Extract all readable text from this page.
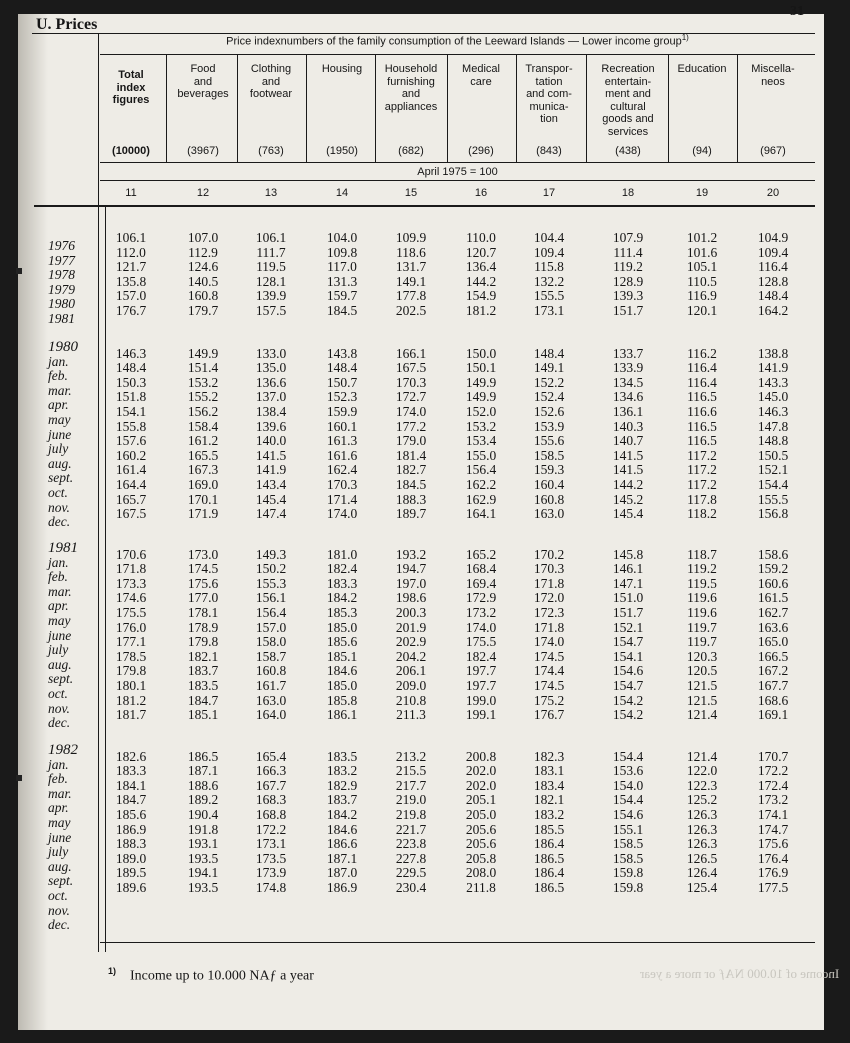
U. Prices
31
Price indexnumbers of the family consumption of the Leeward Islands — Lower income group$^{1)}$
Total
index
figures
(10000)
11
Food
and
beverages
(3967)
12
Clothing
and
footwear
(763)
13
Housing
(1950)
14
Household
furnishing
and
appliances
(682)
15
Medical
care
(296)
16
Transpor-
tation
and com-
munica-
tion
(843)
17
Recreation
entertain-
ment and
cultural
goods and
services
(438)
18
Education
(94)
19
Miscella-
neos
(967)
20
April 1975 = 100
1976
106.1	107.0	106.1	104.0	109.9	110.0	104.4	107.9	101.2	104.9
1977
112.0	112.9	111.7	109.8	118.6	120.7	109.4	111.4	101.6	109.4
1978
121.7	124.6	119.5	117.0	131.7	136.4	115.8	119.2	105.1	116.4
1979
135.8	140.5	128.1	131.3	149.1	144.2	132.2	128.9	110.5	128.8
1980
157.0	160.8	139.9	159.7	177.8	154.9	155.5	139.3	116.9	148.4
1981
176.7	179.7	157.5	184.5	202.5	181.2	173.1	151.7	120.1	164.2
1980
jan.
146.3	149.9	133.0	143.8	166.1	150.0	148.4	133.7	116.2	138.8
feb.
148.4	151.4	135.0	148.4	167.5	150.1	149.1	133.9	116.4	141.9
mar.
150.3	153.2	136.6	150.7	170.3	149.9	152.2	134.5	116.4	143.3
apr.
151.8	155.2	137.0	152.3	172.7	149.9	152.4	134.6	116.5	145.0
may
154.1	156.2	138.4	159.9	174.0	152.0	152.6	136.1	116.6	146.3
june
155.8	158.4	139.6	160.1	177.2	153.2	153.9	140.3	116.5	147.8
july
157.6	161.2	140.0	161.3	179.0	153.4	155.6	140.7	116.5	148.8
aug.
160.2	165.5	141.5	161.6	181.4	155.0	158.5	141.5	117.2	150.5
sept.
161.4	167.3	141.9	162.4	182.7	156.4	159.3	141.5	117.2	152.1
oct.
164.4	169.0	143.4	170.3	184.5	162.2	160.4	144.2	117.2	154.4
nov.
165.7	170.1	145.4	171.4	188.3	162.9	160.8	145.2	117.8	155.5
dec.
167.5	171.9	147.4	174.0	189.7	164.1	163.0	145.4	118.2	156.8
1981
jan.
170.6	173.0	149.3	181.0	193.2	165.2	170.2	145.8	118.7	158.6
feb.
171.8	174.5	150.2	182.4	194.7	168.4	170.3	146.1	119.2	159.2
mar.
173.3	175.6	155.3	183.3	197.0	169.4	171.8	147.1	119.5	160.6
apr.
174.6	177.0	156.1	184.2	198.6	172.9	172.0	151.0	119.6	161.5
may
175.5	178.1	156.4	185.3	200.3	173.2	172.3	151.7	119.6	162.7
june
176.0	178.9	157.0	185.0	201.9	174.0	171.8	152.1	119.7	163.6
july
177.1	179.8	158.0	185.6	202.9	175.5	174.0	154.7	119.7	165.0
aug.
178.5	182.1	158.7	185.1	204.2	182.4	174.5	154.1	120.3	166.5
sept.
179.8	183.7	160.8	184.6	206.1	197.7	174.4	154.6	120.5	167.2
oct.
180.1	183.5	161.7	185.0	209.0	197.7	174.5	154.7	121.5	167.7
nov.
181.2	184.7	163.0	185.8	210.8	199.0	175.2	154.2	121.5	168.6
dec.
181.7	185.1	164.0	186.1	211.3	199.1	176.7	154.2	121.4	169.1
1982
jan.
182.6	186.5	165.4	183.5	213.2	200.8	182.3	154.4	121.4	170.7
feb.
183.3	187.1	166.3	183.2	215.5	202.0	183.1	153.6	122.0	172.2
mar.
184.1	188.6	167.7	182.9	217.7	202.0	183.4	154.0	122.3	172.4
apr.
184.7	189.2	168.3	183.7	219.0	205.1	182.1	154.4	125.2	173.2
may
185.6	190.4	168.8	184.2	219.8	205.0	183.2	154.6	126.3	174.1
june
186.9	191.8	172.2	184.6	221.7	205.6	185.5	155.1	126.3	174.7
july
188.3	193.1	173.1	186.6	223.8	205.6	186.4	158.5	126.3	175.6
aug.
189.0	193.5	173.5	187.1	227.8	205.8	186.5	158.5	126.5	176.4
sept.
189.5	194.1	173.9	187.0	229.5	208.0	186.4	159.8	126.4	176.9
oct.
189.6	193.5	174.8	186.9	230.4	211.8	186.5	159.8	125.4	177.5
nov.
dec.
$^{1)}$ Income up to 10.000 NAƒ a year	Income of 10.000 NAƒ or more a year
